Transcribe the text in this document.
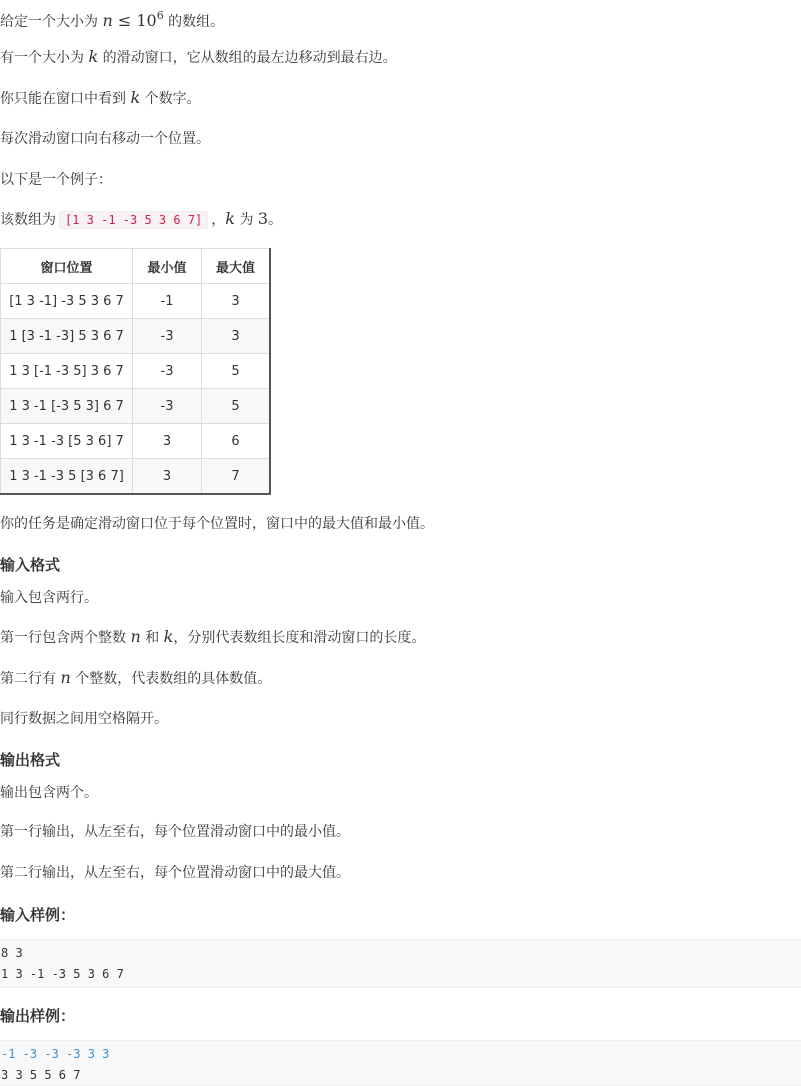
给定一个大小为 $n \le 10^6$ 的数组。
有一个大小为 k 的滑动窗口，它从数组的最左边移动到最右边。
你只能在窗口中看到 k 个数字。
每次滑动窗口向右移动一个位置。
以下是一个例子：
该数组为 [1 3 -1 -3 5 3 6 7] ，k 为 3。
窗口位置	最小值	最大值
[1 3 -1] -3 5 3 6 7	-1	3
1 [3 -1 -3] 5 3 6 7	-3	3
1 3 [-1 -3 5] 3 6 7	-3	5
1 3 -1 [-3 5 3] 6 7	-3	5
1 3 -1 -3 [5 3 6] 7	3	6
1 3 -1 -3 5 [3 6 7]	3	7
你的任务是确定滑动窗口位于每个位置时，窗口中的最大值和最小值。
输入格式
输入包含两行。
第一行包含两个整数 n 和 k，分别代表数组长度和滑动窗口的长度。
第二行有 n 个整数，代表数组的具体数值。
同行数据之间用空格隔开。
输出格式
输出包含两个。
第一行输出，从左至右，每个位置滑动窗口中的最小值。
第二行输出，从左至右，每个位置滑动窗口中的最大值。
输入样例：
8 3
1 3 -1 -3 5 3 6 7
输出样例：
-1 -3 -3 -3 3 3
3 3 5 5 6 7
